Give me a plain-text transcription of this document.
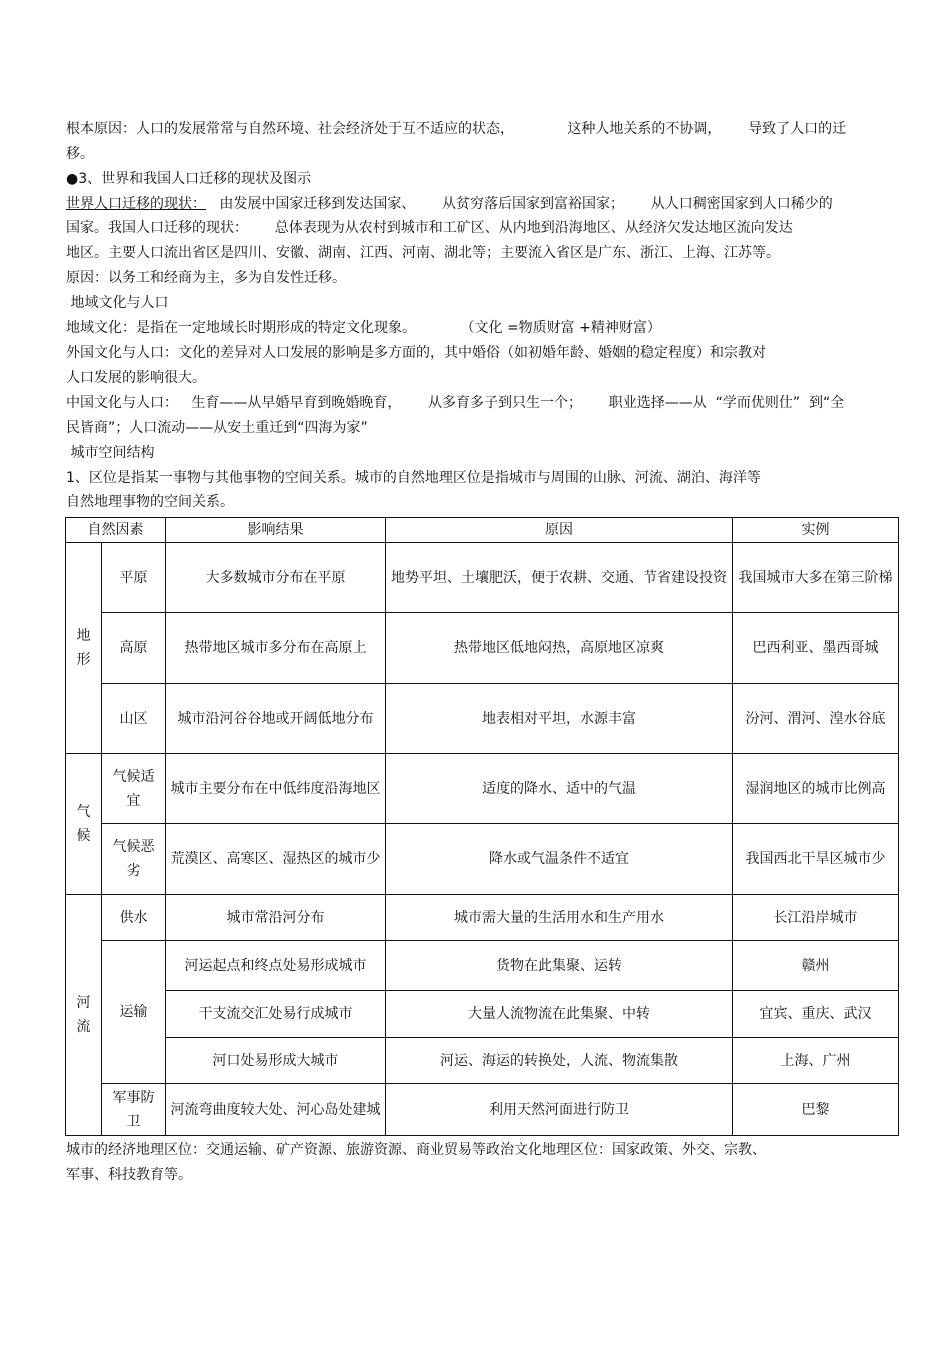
根本原因：人口的发展常常与自然环境、社会经济处于互不适应的状态，            这种人地关系的不协调，      导致了人口的迁
移。
●3、世界和我国人口迁移的现状及图示
世界人口迁移的现状：   由发展中国家迁移到发达国家、      从贫穷落后国家到富裕国家；      从人口稠密国家到人口稀少的
国家。我国人口迁移的现状：      总体表现为从农村到城市和工矿区、从内地到沿海地区、从经济欠发达地区流向发达
地区。主要人口流出省区是四川、安徽、湖南、江西、河南、湖北等；主要流入省区是广东、浙江、上海、江苏等。
原因：以务工和经商为主，多为自发性迁移。
地域文化与人口
地域文化：是指在一定地域长时期形成的特定文化现象。          （文化 =物质财富 +精神财富）
外国文化与人口：文化的差异对人口发展的影响是多方面的，其中婚俗（如初婚年龄、婚姻的稳定程度）和宗教对
人口发展的影响很大。
中国文化与人口：   生育——从早婚早育到晚婚晚育，      从多育多子到只生一个；      职业选择——从  “学而优则仕”  到“全
民皆商”；人口流动——从安土重迁到“四海为家”
城市空间结构
1、区位是指某一事物与其他事物的空间关系。城市的自然地理区位是指城市与周围的山脉、河流、湖泊、海洋等
自然地理事物的空间关系。
自然因素		影响结果	原因	实例
地形	平原	大多数城市分布在平原	地势平坦、土壤肥沃，便于农耕、交通、节省建设投资	我国城市大多在第三阶梯
	高原	热带地区城市多分布在高原上	热带地区低地闷热，高原地区凉爽	巴西利亚、墨西哥城
	山区	城市沿河谷谷地或开阔低地分布	地表相对平坦，水源丰富	汾河、渭河、湟水谷底
气候	气候适宜	城市主要分布在中低纬度沿海地区	适度的降水、适中的气温	湿润地区的城市比例高
	气候恶劣	荒漠区、高寒区、湿热区的城市少	降水或气温条件不适宜	我国西北干旱区城市少
河流	供水	城市常沿河分布	城市需大量的生活用水和生产用水	长江沿岸城市
	运输	河运起点和终点处易形成城市	货物在此集聚、运转	赣州
		干支流交汇处易行成城市	大量人流物流在此集聚、中转	宜宾、重庆、武汉
		河口处易形成大城市	河运、海运的转换处，人流、物流集散	上海、广州
	军事防卫	河流弯曲度较大处、河心岛处建城	利用天然河面进行防卫	巴黎
城市的经济地理区位：交通运输、矿产资源、旅游资源、商业贸易等政治文化地理区位：国家政策、外交、宗教、
军事、科技教育等。
